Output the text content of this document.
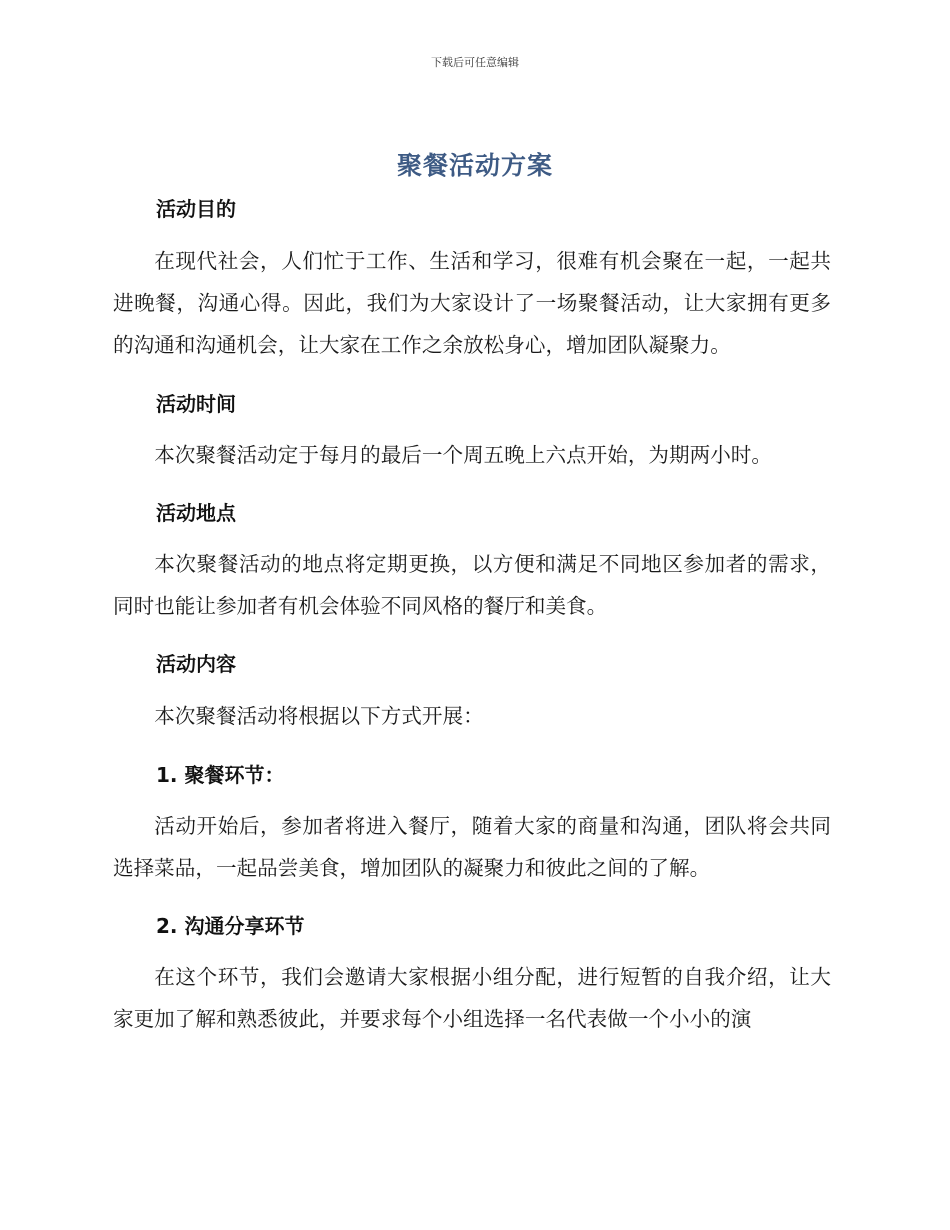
下载后可任意编辑
聚餐活动方案
活动目的
在现代社会，人们忙于工作、生活和学习，很难有机会聚在一起，一起共进晚餐，沟通心得。因此，我们为大家设计了一场聚餐活动，让大家拥有更多的沟通和沟通机会，让大家在工作之余放松身心，增加团队凝聚力。
活动时间
本次聚餐活动定于每月的最后一个周五晚上六点开始，为期两小时。
活动地点
本次聚餐活动的地点将定期更换，以方便和满足不同地区参加者的需求，同时也能让参加者有机会体验不同风格的餐厅和美食。
活动内容
本次聚餐活动将根据以下方式开展：
1. 聚餐环节：
活动开始后，参加者将进入餐厅，随着大家的商量和沟通，团队将会共同选择菜品，一起品尝美食，增加团队的凝聚力和彼此之间的了解。
2. 沟通分享环节
在这个环节，我们会邀请大家根据小组分配，进行短暂的自我介绍，让大家更加了解和熟悉彼此，并要求每个小组选择一名代表做一个小小的演
